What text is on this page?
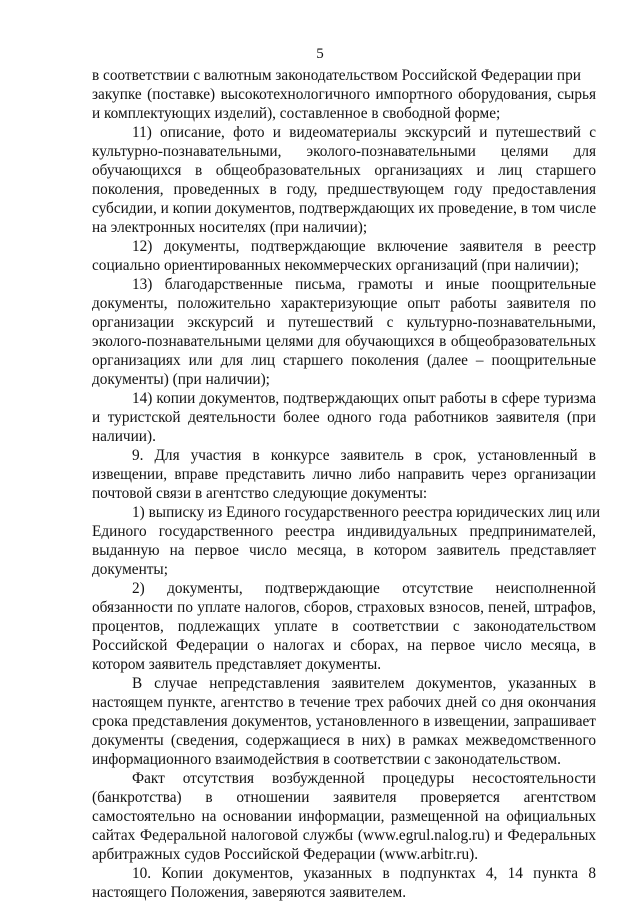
5
в соответствии с валютным законодательством Российской Федерации при
закупке (поставке) высокотехнологичного импортного оборудования, сырья
и комплектующих изделий), составленное в свободной форме;
11) описание, фото и видеоматериалы экскурсий и путешествий с
культурно-познавательными, эколого-познавательными целями для
обучающихся в общеобразовательных организациях и лиц старшего
поколения, проведенных в году, предшествующем году предоставления
субсидии, и копии документов, подтверждающих их проведение, в том числе
на электронных носителях (при наличии);
12) документы, подтверждающие включение заявителя в реестр
социально ориентированных некоммерческих организаций (при наличии);
13) благодарственные письма, грамоты и иные поощрительные
документы, положительно характеризующие опыт работы заявителя по
организации экскурсий и путешествий с культурно-познавательными,
эколого-познавательными целями для обучающихся в общеобразовательных
организациях или для лиц старшего поколения (далее – поощрительные
документы) (при наличии);
14) копии документов, подтверждающих опыт работы в сфере туризма
и туристской деятельности более одного года работников заявителя (при
наличии).
9. Для участия в конкурсе заявитель в срок, установленный в
извещении, вправе представить лично либо направить через организации
почтовой связи в агентство следующие документы:
1) выписку из Единого государственного реестра юридических лиц или
Единого государственного реестра индивидуальных предпринимателей,
выданную на первое число месяца, в котором заявитель представляет
документы;
2) документы, подтверждающие отсутствие неисполненной
обязанности по уплате налогов, сборов, страховых взносов, пеней, штрафов,
процентов, подлежащих уплате в соответствии с законодательством
Российской Федерации о налогах и сборах, на первое число месяца, в
котором заявитель представляет документы.
В случае непредставления заявителем документов, указанных в
настоящем пункте, агентство в течение трех рабочих дней со дня окончания
срока представления документов, установленного в извещении, запрашивает
документы (сведения, содержащиеся в них) в рамках межведомственного
информационного взаимодействия в соответствии с законодательством.
Факт отсутствия возбужденной процедуры несостоятельности
(банкротства) в отношении заявителя проверяется агентством
самостоятельно на основании информации, размещенной на официальных
сайтах Федеральной налоговой службы (www.egrul.nalog.ru) и Федеральных
арбитражных судов Российской Федерации (www.arbitr.ru).
10. Копии документов, указанных в подпунктах 4, 14 пункта 8
настоящего Положения, заверяются заявителем.
